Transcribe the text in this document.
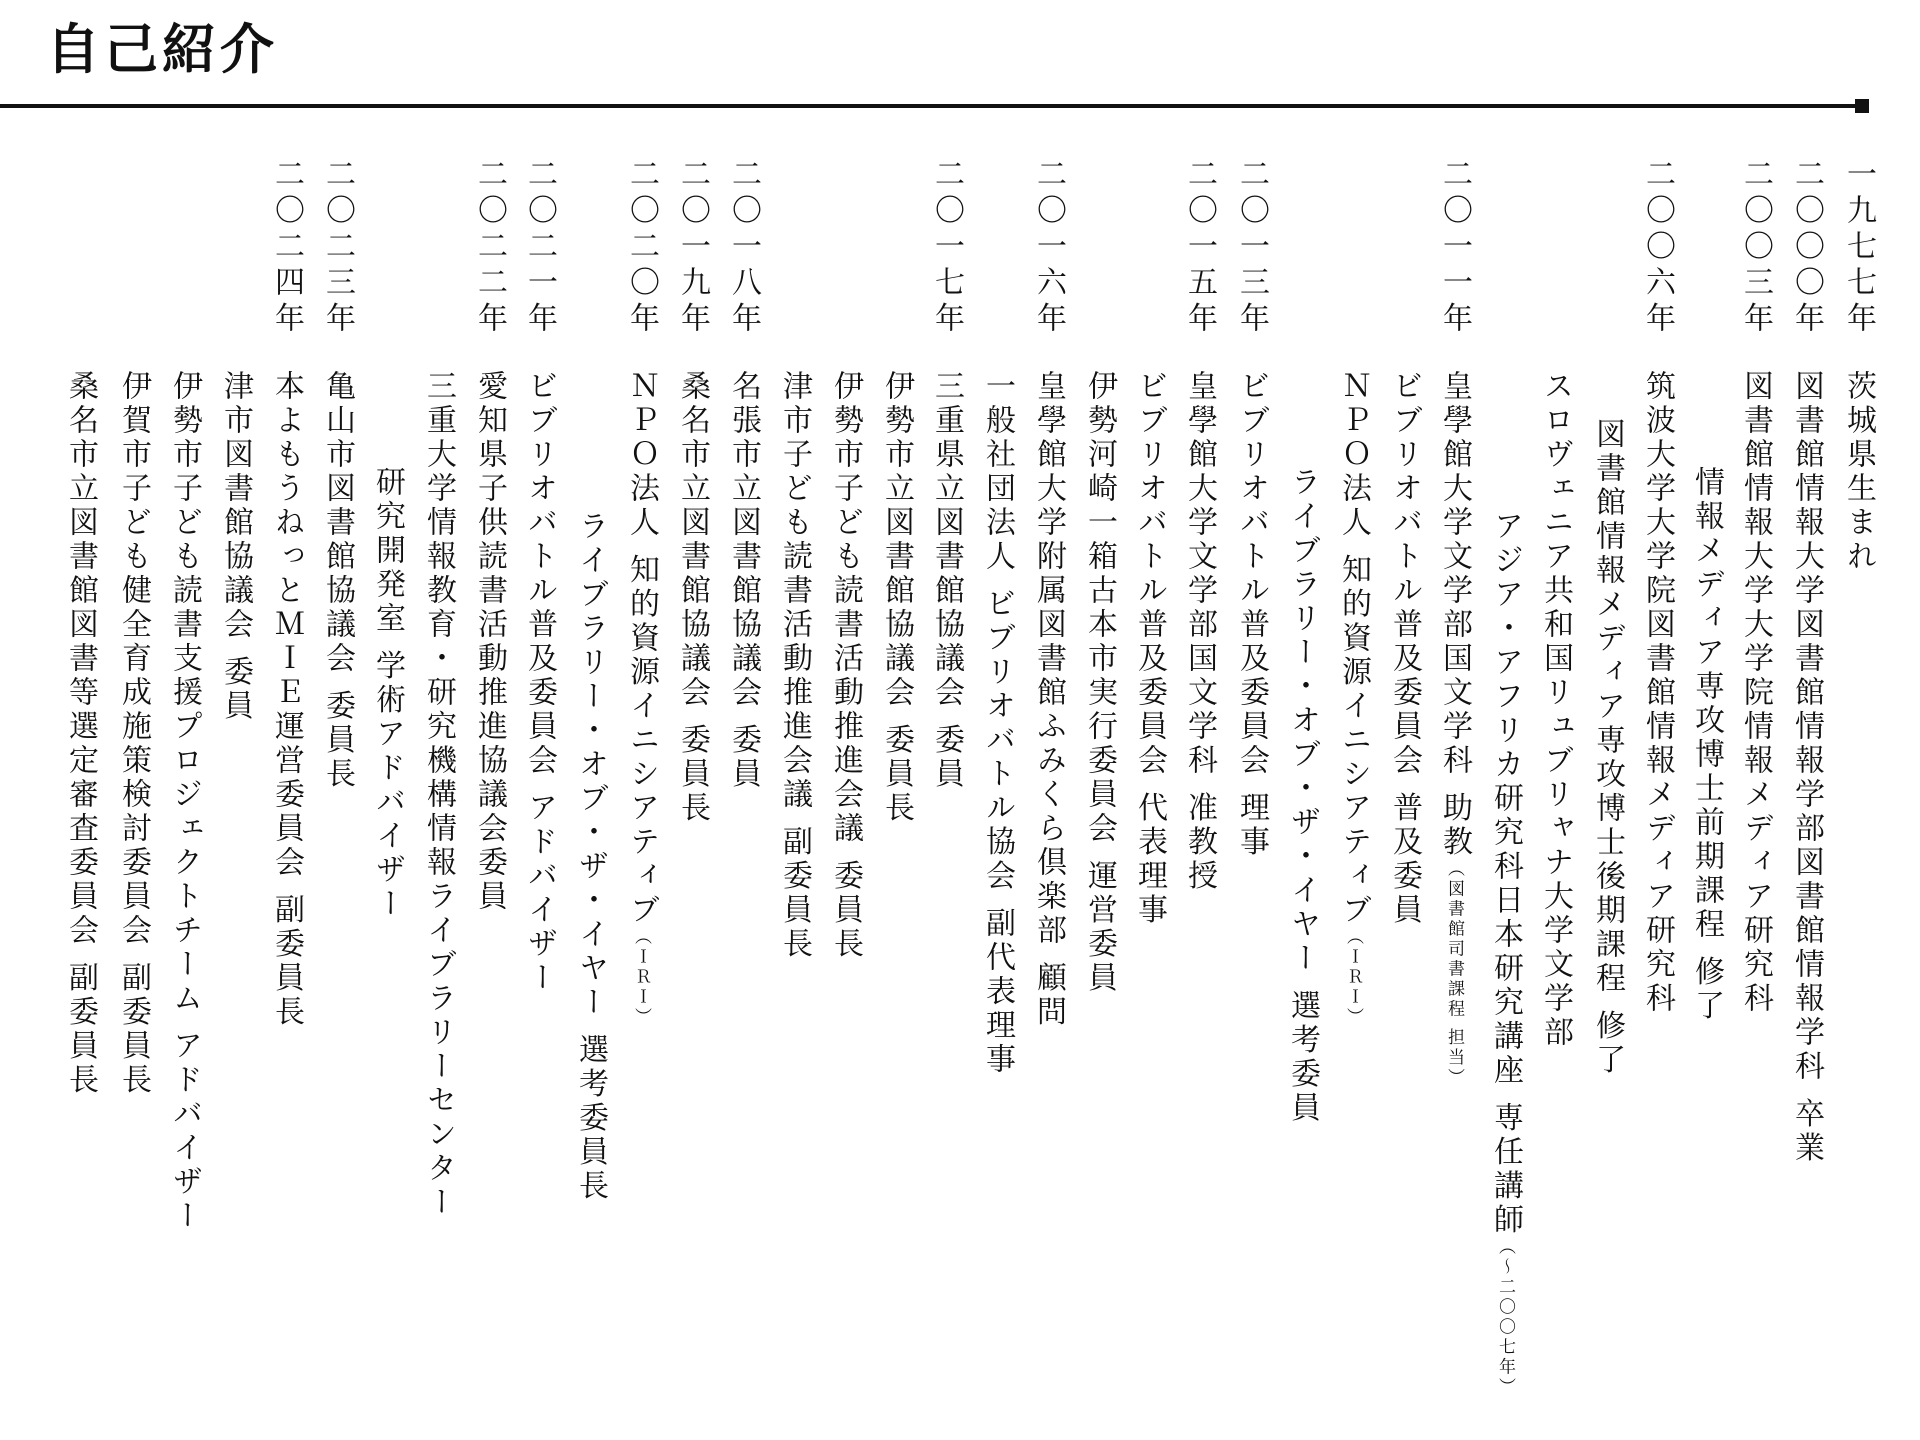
自己紹介
一九七七年
二〇〇〇年
二〇〇三年
二〇〇六年
二〇一一年
二〇一三年
二〇一五年
二〇一六年
二〇一七年
二〇一八年
二〇一九年
二〇二〇年
二〇二一年
二〇二二年
二〇二三年
二〇二四年
茨城県生まれ
図書館情報大学図書館情報学部図書館情報学科 卒業
図書館情報大学大学院情報メディア研究科
情報メディア専攻博士前期課程 修了
筑波大学大学院図書館情報メディア研究科
図書館情報メディア専攻博士後期課程 修了
スロヴェニア共和国リュブリャナ大学文学部
アジア・アフリカ研究科日本研究講座 専任講師（～二〇〇七年）
皇學館大学文学部国文学科 助教（図書館司書課程 担当）
ビブリオバトル普及委員会 普及委員
ＮＰＯ法人 知的資源イニシアティブ（ＩＲＩ）
ライブラリー・オブ・ザ・イヤー 選考委員
ビブリオバトル普及委員会 理事
皇學館大学文学部国文学科 准教授
ビブリオバトル普及委員会 代表理事
伊勢河崎一箱古本市実行委員会 運営委員
皇學館大学附属図書館ふみくら倶楽部 顧問
一般社団法人 ビブリオバトル協会 副代表理事
三重県立図書館協議会 委員
伊勢市立図書館協議会 委員長
伊勢市子ども読書活動推進会議 委員長
津市子ども読書活動推進会議 副委員長
名張市立図書館協議会 委員
桑名市立図書館協議会 委員長
ＮＰＯ法人 知的資源イニシアティブ（ＩＲＩ）
ライブラリー・オブ・ザ・イヤー 選考委員長
ビブリオバトル普及委員会 アドバイザー
愛知県子供読書活動推進協議会委員
三重大学情報教育・研究機構情報ライブラリーセンター
研究開発室 学術アドバイザー
亀山市図書館協議会 委員長
本よもうねっとＭＩＥ運営委員会 副委員長
津市図書館協議会 委員
伊勢市子ども読書支援プロジェクトチーム アドバイザー
伊賀市子ども健全育成施策検討委員会 副委員長
桑名市立図書館図書等選定審査委員会 副委員長
